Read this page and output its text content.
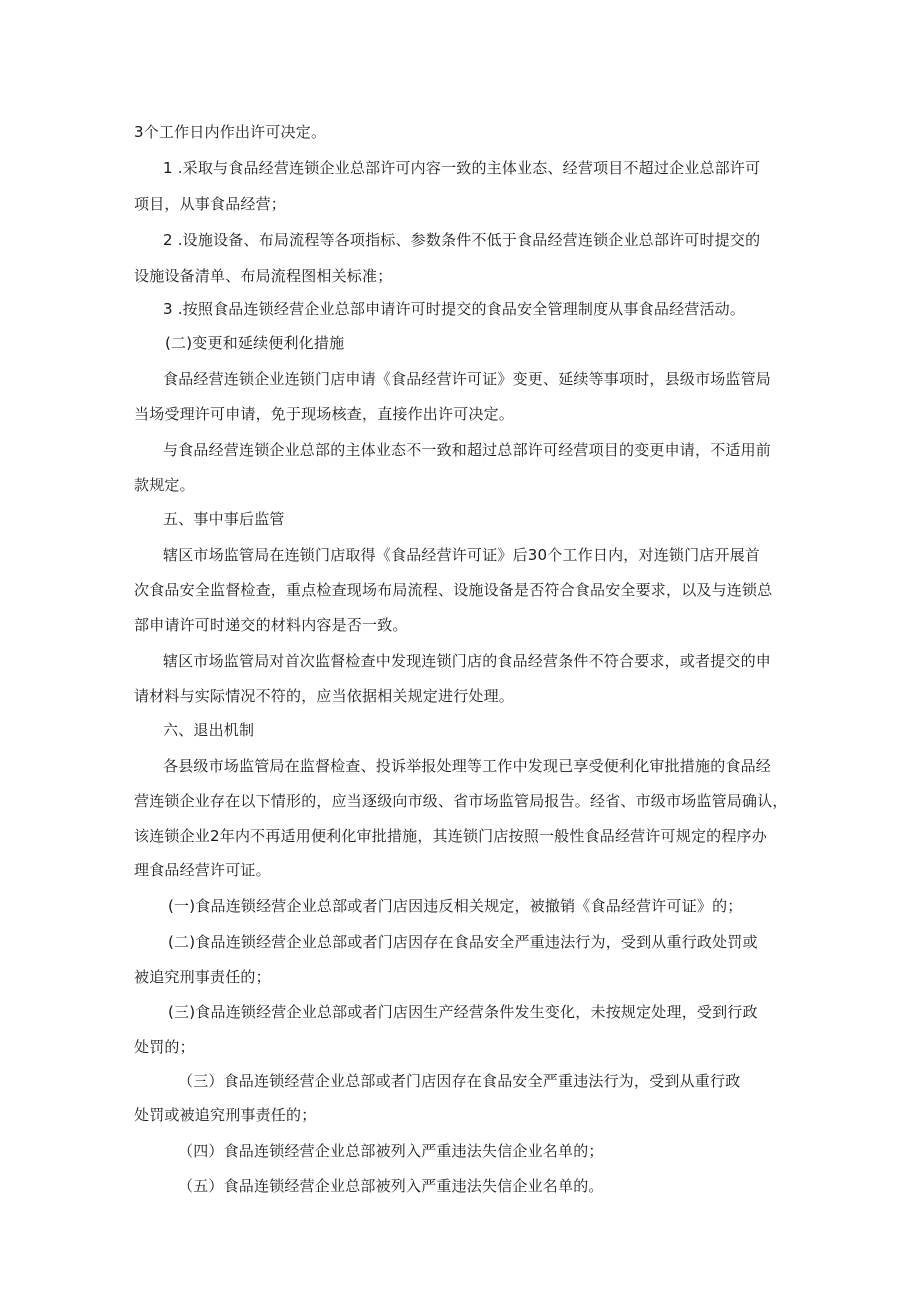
3个工作日内作出许可决定。
1 .采取与食品经营连锁企业总部许可内容一致的主体业态、经营项目不超过企业总部许可
项目，从事食品经营；
2 .设施设备、布局流程等各项指标、参数条件不低于食品经营连锁企业总部许可时提交的
设施设备清单、布局流程图相关标准；
3 .按照食品连锁经营企业总部申请许可时提交的食品安全管理制度从事食品经营活动。
(二)变更和延续便利化措施
食品经营连锁企业连锁门店申请《食品经营许可证》变更、延续等事项时，县级市场监管局
当场受理许可申请，免于现场核查，直接作出许可决定。
与食品经营连锁企业总部的主体业态不一致和超过总部许可经营项目的变更申请，不适用前
款规定。
五、事中事后监管
辖区市场监管局在连锁门店取得《食品经营许可证》后30个工作日内，对连锁门店开展首
次食品安全监督检查，重点检查现场布局流程、设施设备是否符合食品安全要求，以及与连锁总
部申请许可时递交的材料内容是否一致。
辖区市场监管局对首次监督检查中发现连锁门店的食品经营条件不符合要求，或者提交的申
请材料与实际情况不符的，应当依据相关规定进行处理。
六、退出机制
各县级市场监管局在监督检查、投诉举报处理等工作中发现已享受便利化审批措施的食品经
营连锁企业存在以下情形的，应当逐级向市级、省市场监管局报告。经省、市级市场监管局确认，
该连锁企业2年内不再适用便利化审批措施，其连锁门店按照一般性食品经营许可规定的程序办
理食品经营许可证。
(一)食品连锁经营企业总部或者门店因违反相关规定，被撤销《食品经营许可证》的；
(二)食品连锁经营企业总部或者门店因存在食品安全严重违法行为，受到从重行政处罚或
被追究刑事责任的；
(三)食品连锁经营企业总部或者门店因生产经营条件发生变化，未按规定处理，受到行政
处罚的；
（三）食品连锁经营企业总部或者门店因存在食品安全严重违法行为，受到从重行政
处罚或被追究刑事责任的；
（四）食品连锁经营企业总部被列入严重违法失信企业名单的；
（五）食品连锁经营企业总部被列入严重违法失信企业名单的。
